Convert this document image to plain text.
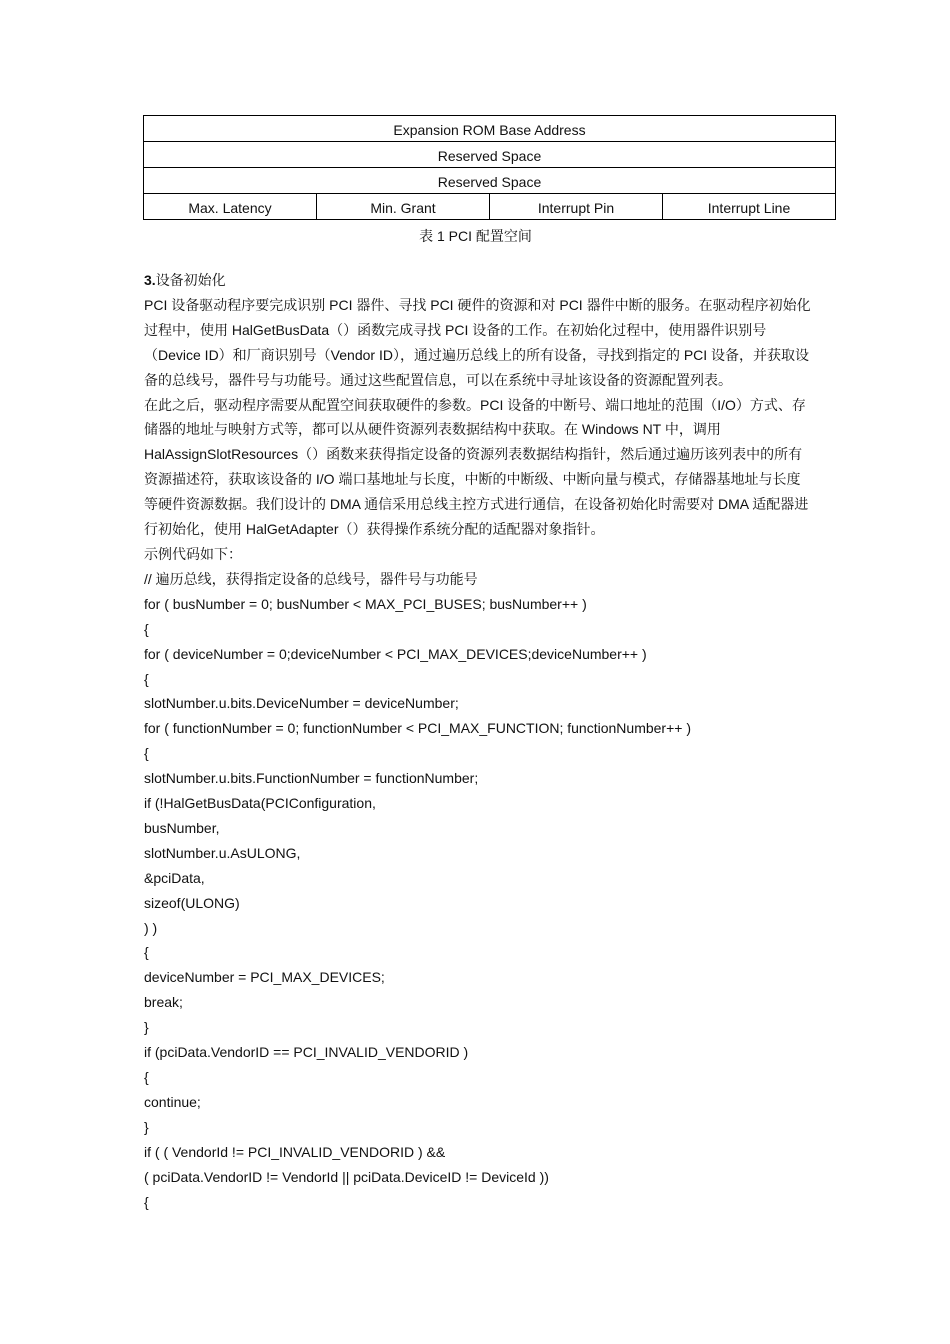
Expansion ROM Base Address
Reserved Space
Reserved Space
Max. Latency	Min. Grant	Interrupt Pin	Interrupt Line
表 1 PCI 配置空间

3.设备初始化

PCI 设备驱动程序要完成识别 PCI 器件、寻找 PCI 硬件的资源和对 PCI 器件中断的服务。在驱动程序初始化过程中，使用 HalGetBusData（）函数完成寻找 PCI 设备的工作。在初始化过程中，使用器件识别号（Device ID）和厂商识别号（Vendor ID），通过遍历总线上的所有设备，寻找到指定的 PCI 设备，并获取设备的总线号，器件号与功能号。通过这些配置信息，可以在系统中寻址该设备的资源配置列表。

在此之后，驱动程序需要从配置空间获取硬件的参数。PCI 设备的中断号、端口地址的范围（I/O）方式、存储器的地址与映射方式等，都可以从硬件资源列表数据结构中获取。在 Windows NT 中，调用 HalAssignSlotResources（）函数来获得指定设备的资源列表数据结构指针，然后通过遍历该列表中的所有资源描述符，获取该设备的 I/O 端口基地址与长度，中断的中断级、中断向量与模式，存储器基地址与长度等硬件资源数据。我们设计的 DMA 通信采用总线主控方式进行通信，在设备初始化时需要对 DMA 适配器进行初始化，使用 HalGetAdapter（）获得操作系统分配的适配器对象指针。

示例代码如下：

// 遍历总线，获得指定设备的总线号，器件号与功能号
for ( busNumber = 0; busNumber < MAX_PCI_BUSES; busNumber++ )
{
for ( deviceNumber = 0;deviceNumber < PCI_MAX_DEVICES;deviceNumber++ )
{
slotNumber.u.bits.DeviceNumber = deviceNumber;
for ( functionNumber = 0; functionNumber < PCI_MAX_FUNCTION; functionNumber++ )
{
slotNumber.u.bits.FunctionNumber = functionNumber;
if (!HalGetBusData(PCIConfiguration,
busNumber,
slotNumber.u.AsULONG,
&pciData,
sizeof(ULONG)
) )
{
deviceNumber = PCI_MAX_DEVICES;
break;
}
if (pciData.VendorID == PCI_INVALID_VENDORID )
{
continue;
}
if ( ( VendorId != PCI_INVALID_VENDORID ) &&
( pciData.VendorID != VendorId || pciData.DeviceID != DeviceId ))
{
